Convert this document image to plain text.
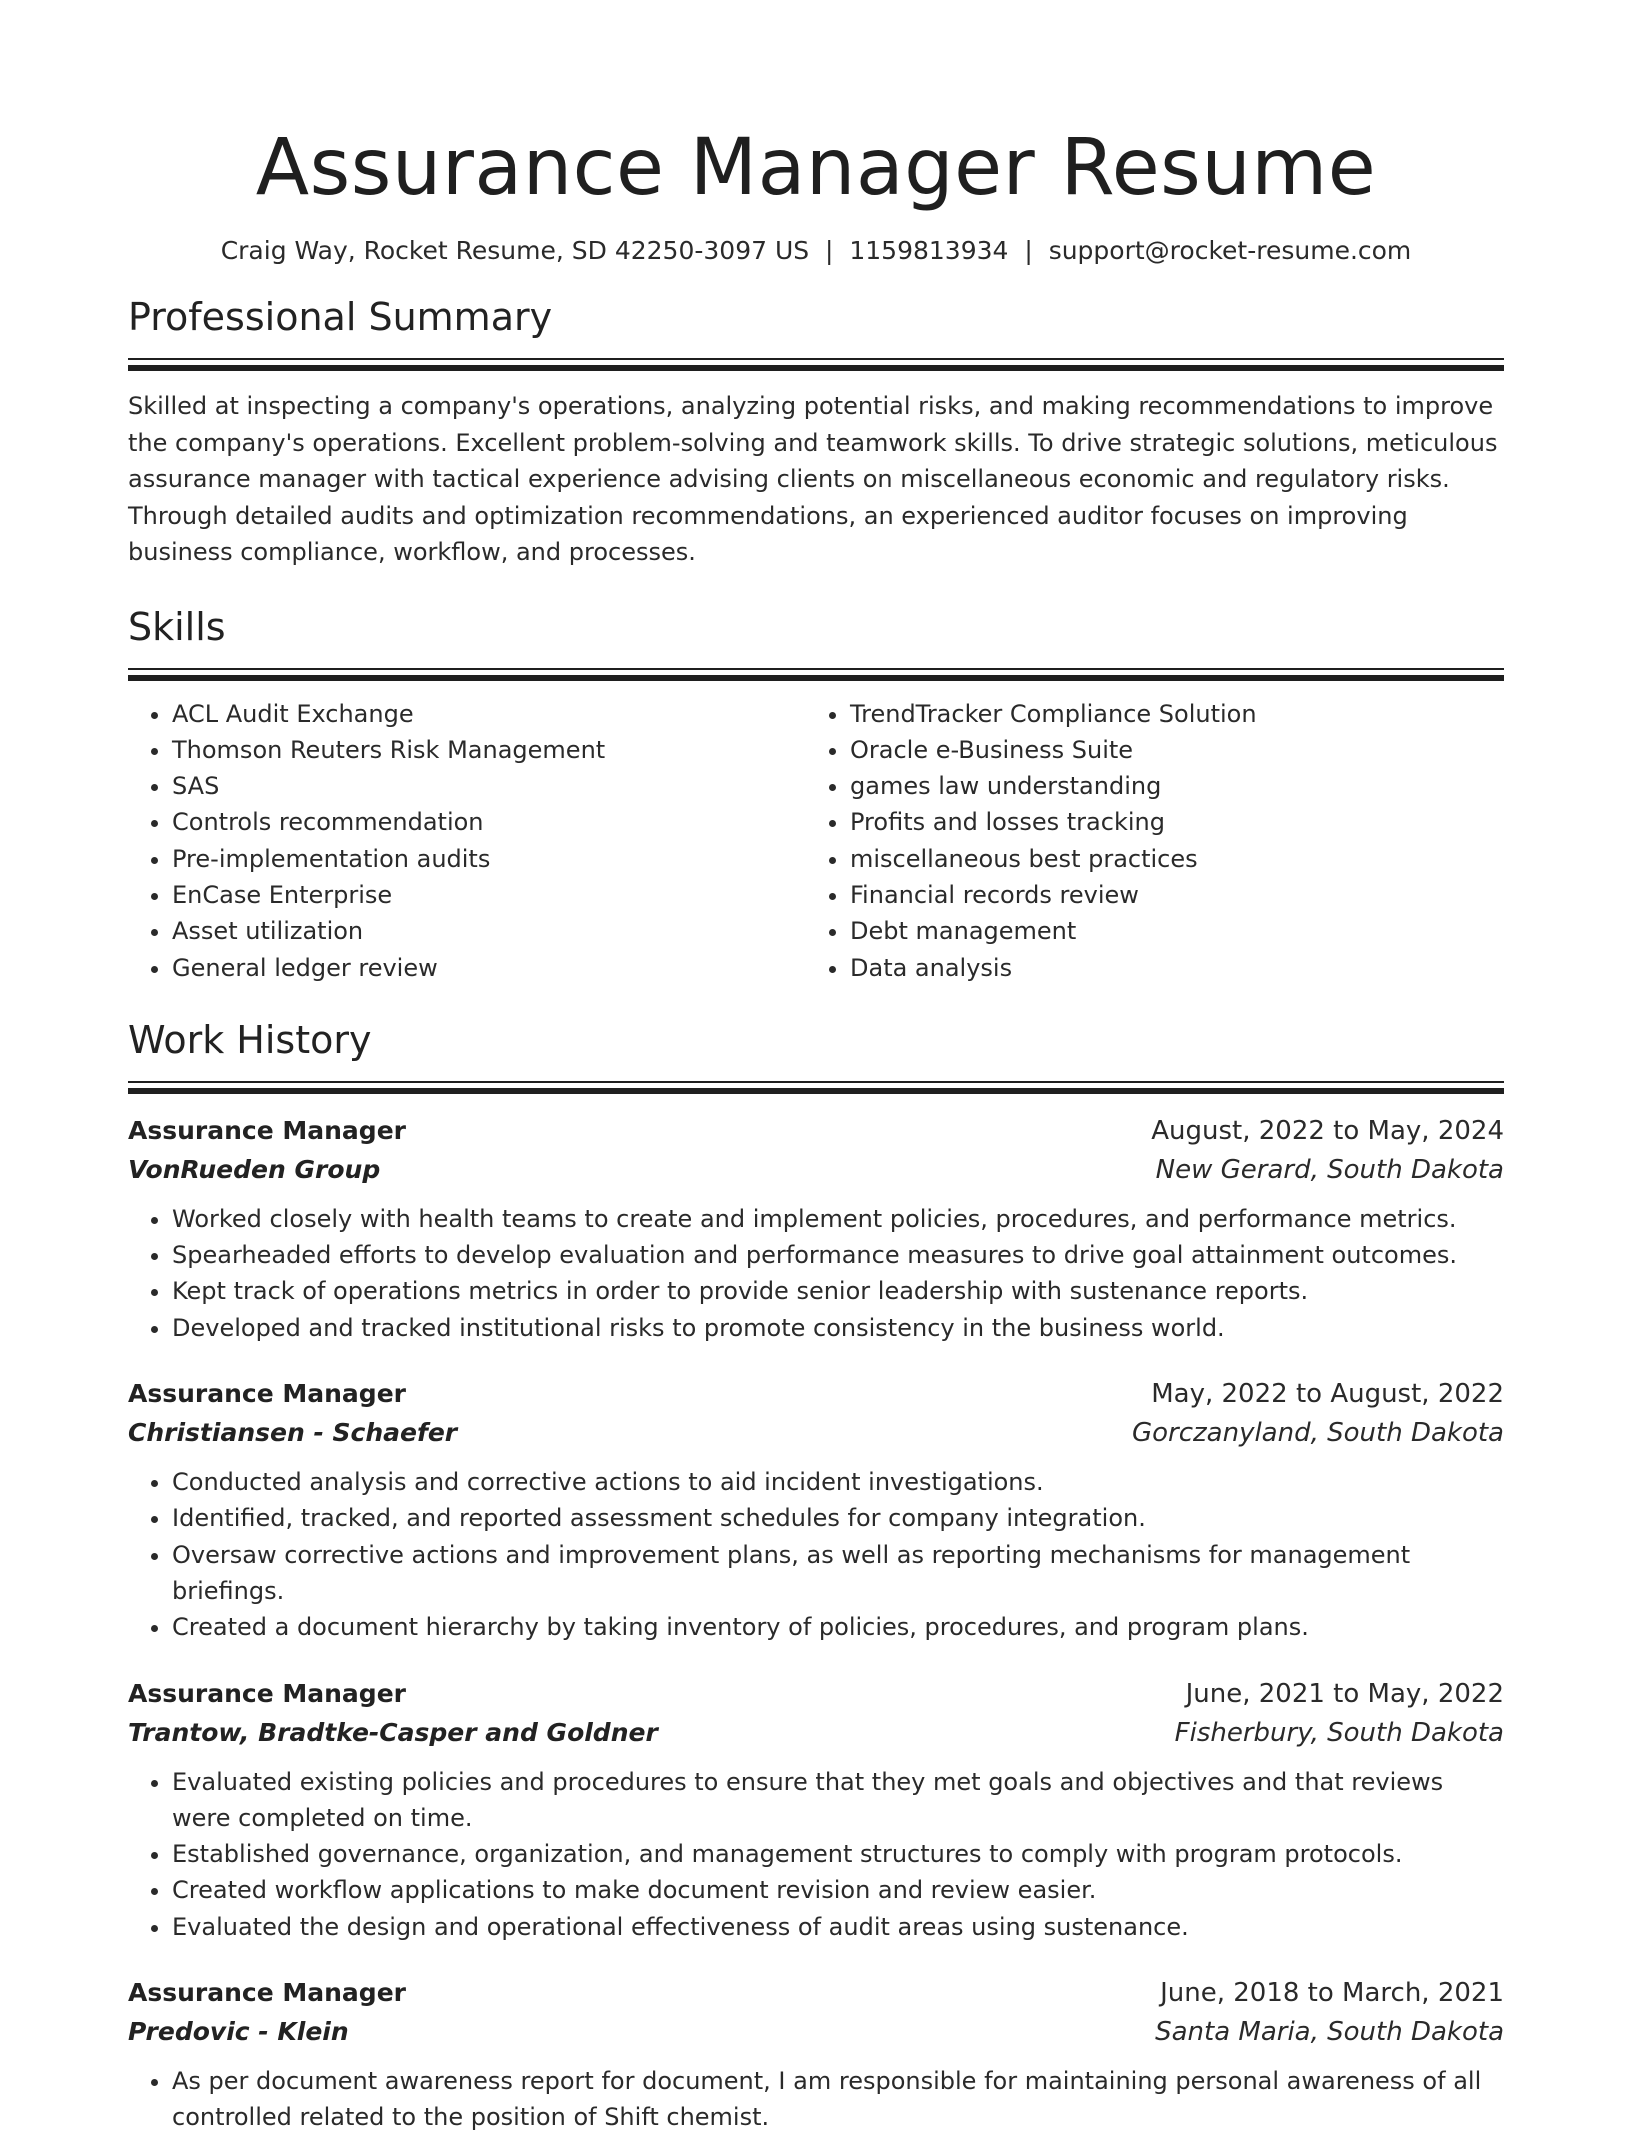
Assurance Manager Resume
Craig Way, Rocket Resume, SD 42250-3097 US | 1159813934 | support@rocket-resume.com
Professional Summary

Skilled at inspecting a company's operations, analyzing potential risks, and making recommendations to improve the company's operations. Excellent problem-solving and teamwork skills. To drive strategic solutions, meticulous assurance manager with tactical experience advising clients on miscellaneous economic and regulatory risks. Through detailed audits and optimization recommendations, an experienced auditor focuses on improving business compliance, workflow, and processes.

Skills
• ACL Audit Exchange
• Thomson Reuters Risk Management
• SAS
• Controls recommendation
• Pre-implementation audits
• EnCase Enterprise
• Asset utilization
• General ledger review
• TrendTracker Compliance Solution
• Oracle e-Business Suite
• games law understanding
• Profits and losses tracking
• miscellaneous best practices
• Financial records review
• Debt management
• Data analysis
Work History
Assurance Manager	August, 2022 to May, 2024
VonRueden Group	New Gerard, South Dakota
• Worked closely with health teams to create and implement policies, procedures, and performance metrics.
• Spearheaded efforts to develop evaluation and performance measures to drive goal attainment outcomes.
• Kept track of operations metrics in order to provide senior leadership with sustenance reports.
• Developed and tracked institutional risks to promote consistency in the business world.
Assurance Manager	May, 2022 to August, 2022
Christiansen - Schaefer	Gorczanyland, South Dakota
• Conducted analysis and corrective actions to aid incident investigations.
• Identified, tracked, and reported assessment schedules for company integration.
• Oversaw corrective actions and improvement plans, as well as reporting mechanisms for management briefings.
• Created a document hierarchy by taking inventory of policies, procedures, and program plans.
Assurance Manager	June, 2021 to May, 2022
Trantow, Bradtke-Casper and Goldner	Fisherbury, South Dakota
• Evaluated existing policies and procedures to ensure that they met goals and objectives and that reviews were completed on time.
• Established governance, organization, and management structures to comply with program protocols.
• Created workflow applications to make document revision and review easier.
• Evaluated the design and operational effectiveness of audit areas using sustenance.
Assurance Manager	June, 2018 to March, 2021
Predovic - Klein	Santa Maria, South Dakota
• As per document awareness report for document, I am responsible for maintaining personal awareness of all controlled related to the position of Shift chemist.
